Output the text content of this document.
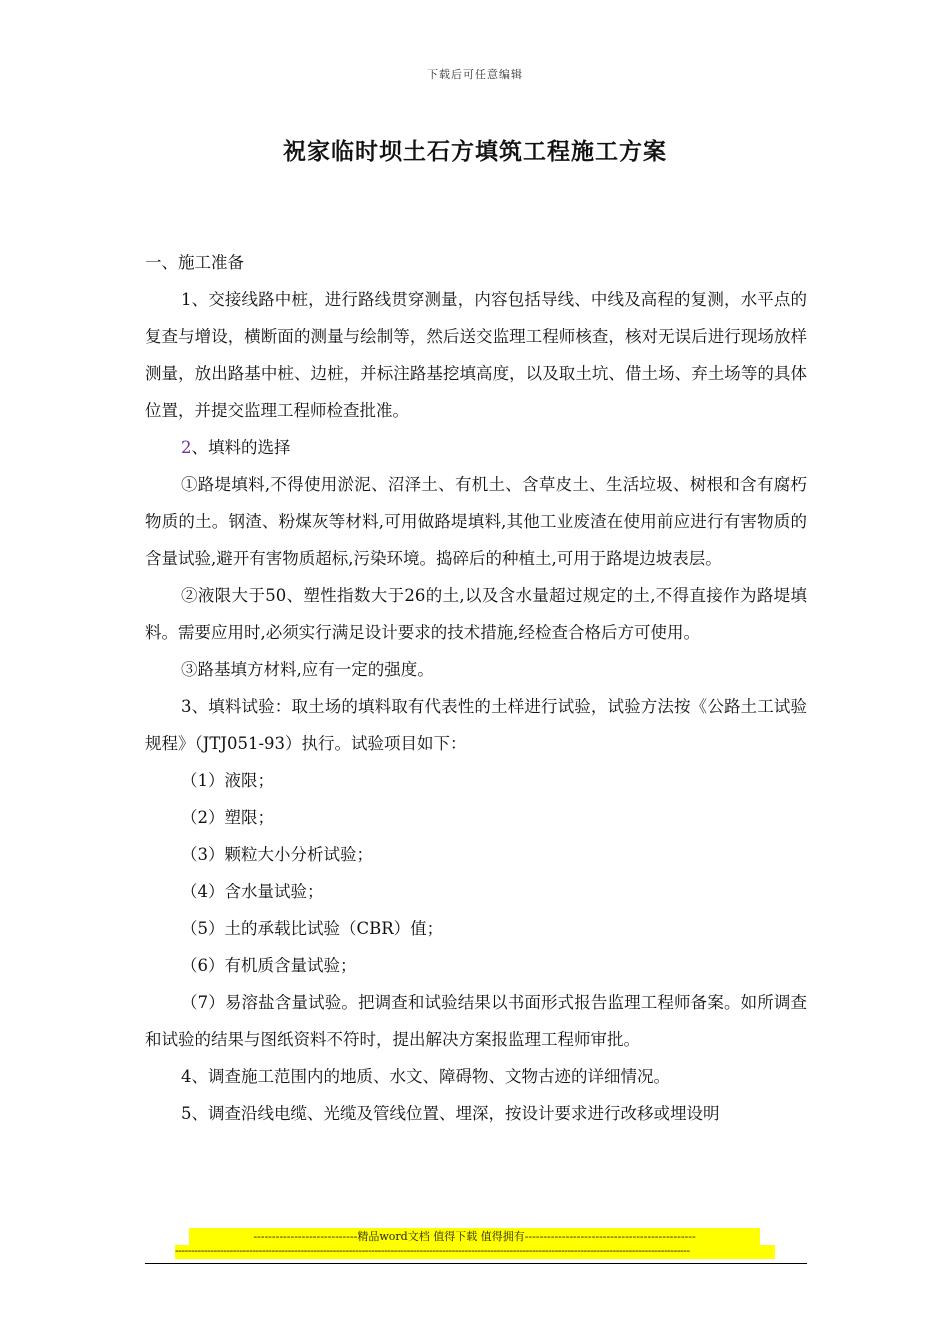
下载后可任意编辑
祝家临时坝土石方填筑工程施工方案

一、施工准备

1、交接线路中桩，进行路线贯穿测量，内容包括导线、中线及高程的复测，水平点的复查与增设，横断面的测量与绘制等，然后送交监理工程师核查，核对无误后进行现场放样测量，放出路基中桩、边桩，并标注路基挖填高度，以及取土坑、借土场、弃土场等的具体位置，并提交监理工程师检查批准。

2、填料的选择

①路堤填料,不得使用淤泥、沼泽土、有机土、含草皮土、生活垃圾、树根和含有腐朽物质的土。钢渣、粉煤灰等材料,可用做路堤填料,其他工业废渣在使用前应进行有害物质的含量试验,避开有害物质超标,污染环境。捣碎后的种植土,可用于路堤边坡表层。

②液限大于50、塑性指数大于26的土,以及含水量超过规定的土,不得直接作为路堤填料。需要应用时,必须实行满足设计要求的技术措施,经检查合格后方可使用。

③路基填方材料,应有一定的强度。

3、填料试验：取土场的填料取有代表性的土样进行试验，试验方法按《公路土工试验规程》（JTJ051-93）执行。试验项目如下：

（1）液限；

（2）塑限；

（3）颗粒大小分析试验；

（4）含水量试验；

（5）土的承载比试验（CBR）值；

（6）有机质含量试验；

（7）易溶盐含量试验。把调查和试验结果以书面形式报告监理工程师备案。如所调查和试验的结果与图纸资料不符时，提出解决方案报监理工程师审批。

4、调查施工范围内的地质、水文、障碍物、文物古迹的详细情况。

5、调查沿线电缆、光缆及管线位置、埋深，按设计要求进行改移或埋设明

----------------------------精品word文档 值得下载 值得拥有----------------------------------------------
----------------------------------------------------------------------------------------------------------------------------------------------------------------
